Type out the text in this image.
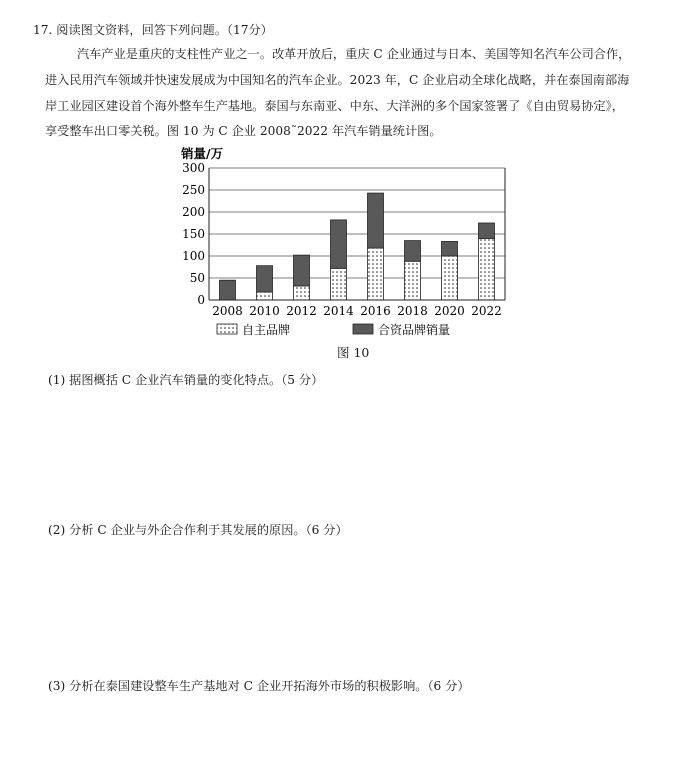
17. 阅读图文资料，回答下列问题。（17分）
汽车产业是重庆的支柱性产业之一。改革开放后，重庆 C 企业通过与日本、美国等知名汽车公司合作，
进入民用汽车领域并快速发展成为中国知名的汽车企业。2023 年，C 企业启动全球化战略，并在泰国南部海
岸工业园区建设首个海外整车生产基地。泰国与东南亚、中东、大洋洲的多个国家签署了《自由贸易协定》，
享受整车出口零关税。图 10 为 C 企业 2008˜2022 年汽车销量统计图。
0
50
100
150
200
250
300
2008 2010 2012 2014 2016 2018 2020 2022
销量/万
自主品牌	合资品牌销量
图 10
(1) 据图概括 C 企业汽车销量的变化特点。（5 分）
(2) 分析 C 企业与外企合作利于其发展的原因。（6 分）
(3) 分析在泰国建设整车生产基地对 C 企业开拓海外市场的积极影响。（6 分）
